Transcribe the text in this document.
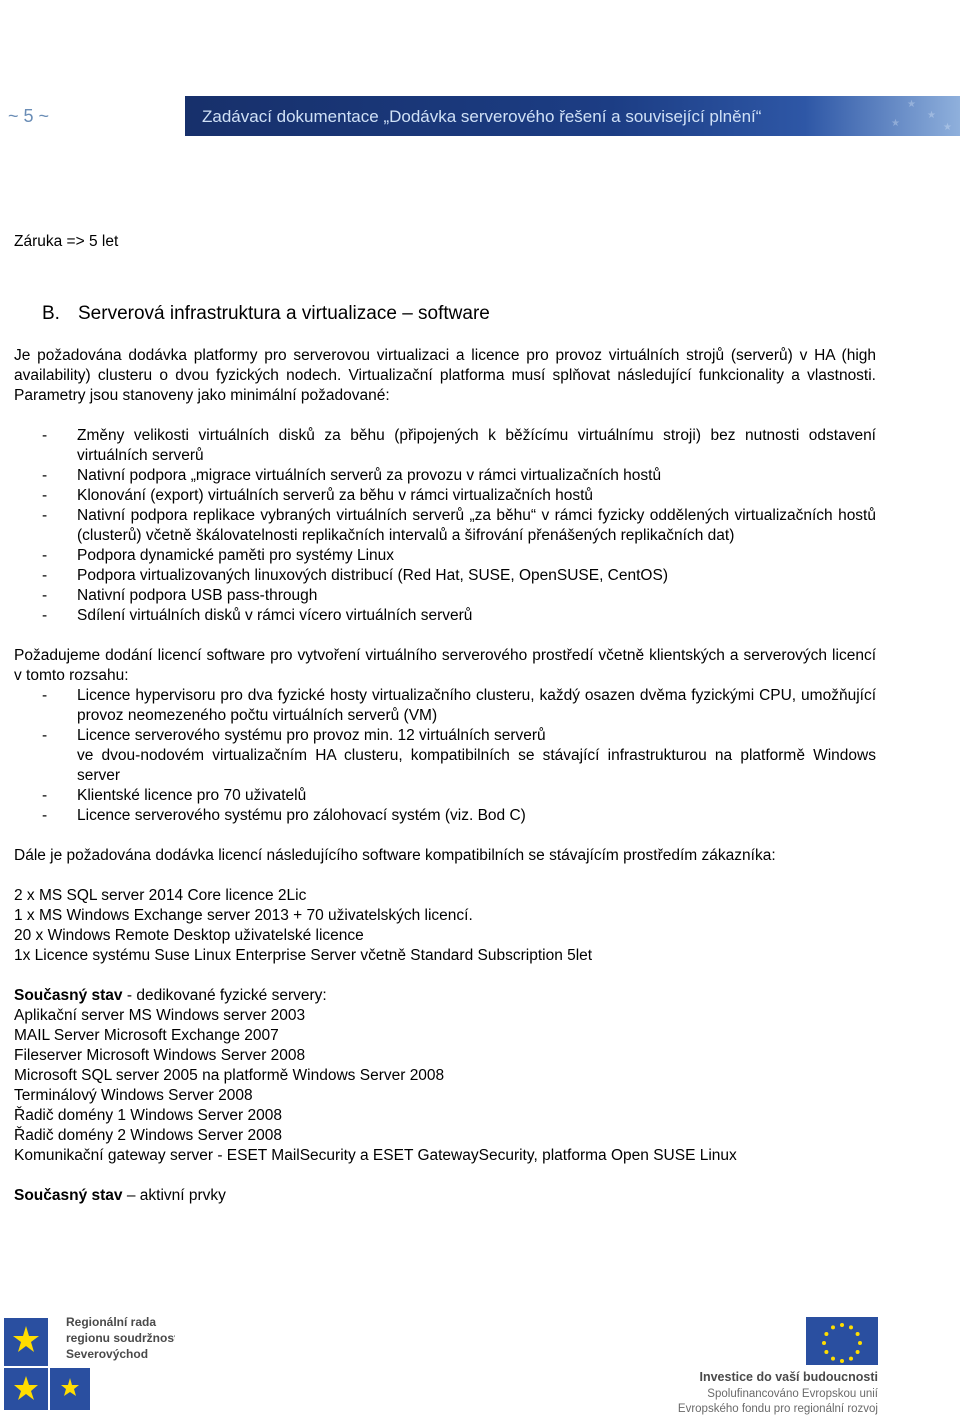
~ 5 ~	Zadávací dokumentace „Dodávka serverového řešení a související plnění“
★
★
★
★

Záruka => 5 let

B. Serverová infrastruktura a virtualizace – software

Je požadována dodávka platformy pro serverovou virtualizaci a licence pro provoz virtuálních strojů (serverů) v HA (high availability) clusteru o dvou fyzických nodech. Virtualizační platforma musí splňovat následující funkcionality a vlastnosti. Parametry jsou stanoveny jako minimální požadované:

- Změny velikosti virtuálních disků za běhu (připojených k běžícímu virtuálnímu stroji) bez nutnosti odstavení virtuálních serverů
- Nativní podpora „migrace virtuálních serverů za provozu v rámci virtualizačních hostů
- Klonování (export) virtuálních serverů za běhu v rámci virtualizačních hostů
- Nativní podpora replikace vybraných virtuálních serverů „za běhu“ v rámci fyzicky oddělených virtualizačních hostů (clusterů) včetně škálovatelnosti replikačních intervalů a šifrování přenášených replikačních dat)
- Podpora dynamické paměti pro systémy Linux
- Podpora virtualizovaných linuxových distribucí (Red Hat, SUSE, OpenSUSE, CentOS)
- Nativní podpora USB pass-through
- Sdílení virtuálních disků v rámci vícero virtuálních serverů

Požadujeme dodání licencí software pro vytvoření virtuálního serverového prostředí včetně klientských a serverových licencí v tomto rozsahu:

- Licence hypervisoru pro dva fyzické hosty virtualizačního clusteru, každý osazen dvěma fyzickými CPU, umožňující provoz neomezeného počtu virtuálních serverů (VM)
- Licence serverového systému pro provoz min. 12 virtuálních serverů
ve dvou-nodovém virtualizačním HA clusteru, kompatibilních se stávající infrastrukturou na platformě Windows server
- Klientské licence pro 70 uživatelů
- Licence serverového systému pro zálohovací systém (viz. Bod C)

Dále je požadována dodávka licencí následujícího software kompatibilních se stávajícím prostředím zákazníka:

2 x MS SQL server 2014 Core licence 2Lic

1 x MS Windows Exchange server 2013 + 70 uživatelských licencí.

20 x Windows Remote Desktop uživatelské licence

1x Licence systému Suse Linux Enterprise Server včetně Standard Subscription 5let

Současný stav - dedikované fyzické servery:

Aplikační server MS Windows server 2003

MAIL Server Microsoft Exchange 2007

Fileserver Microsoft Windows Server 2008

Microsoft SQL server 2005 na platformě Windows Server 2008

Terminálový Windows Server 2008

Řadič domény 1 Windows Server 2008

Řadič domény 2 Windows Server 2008

Komunikační gateway server - ESET MailSecurity a ESET GatewaySecurity, platforma Open SUSE Linux

Současný stav – aktivní prvky

Regionální rada
regionu soudržnosti
Severovýchod
Investice do vaší budoucnosti
Spolufinancováno Evropskou unií
z Evropského fondu pro regionální rozvoj
